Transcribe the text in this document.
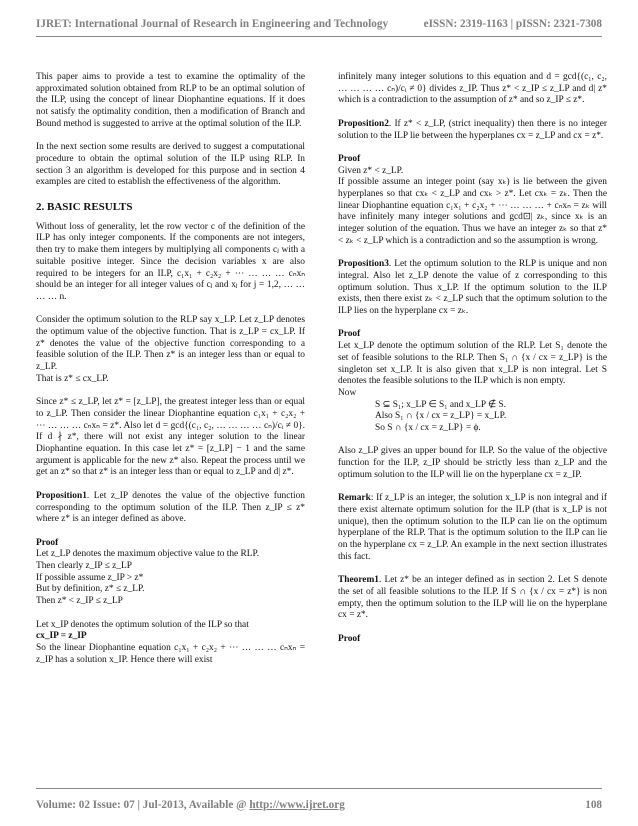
IJRET: International Journal of Research in Engineering and Technology	eISSN: 2319-1163 | pISSN: 2321-7308

This paper aims to provide a test to examine the optimality of the approximated solution obtained from RLP to be an optimal solution of the ILP, using the concept of linear Diophantine equations. If it does not satisfy the optimality condition, then a modification of Branch and Bound method is suggested to arrive at the optimal solution of the ILP.

In the next section some results are derived to suggest a computational procedure to obtain the optimal solution of the ILP using RLP. In section 3 an algorithm is developed for this purpose and in section 4 examples are cited to establish the effectiveness of the algorithm.

2. BASIC RESULTS

Without loss of generality, let the row vector c of the definition of the ILP has only integer components. If the components are not integers, then try to make them integers by multiplying all components cⱼ with a suitable positive integer. Since the decision variables x are also required to be integers for an ILP, c₁x₁ + c₂x₂ + ⋯ … … … cₙxₙ should be an integer for all integer values of cⱼ and xⱼ for j = 1,2, … … … … n.

Consider the optimum solution to the RLP say x_LP. Let z_LP denotes the optimum value of the objective function. That is z_LP = cx_LP. If z* denotes the value of the objective function corresponding to a feasible solution of the ILP. Then z* is an integer less than or equal to z_LP.

That is z* ≤ cx_LP.

Since z* ≤ z_LP, let z* = [z_LP], the greatest integer less than or equal to z_LP. Then consider the linear Diophantine equation c₁x₁ + c₂x₂ + ⋯ … … … cₙxₙ = z*. Also let d = gcd{(c₁, c₂, … … … … cₙ)/cᵢ ≠ 0}. If d ∤ z*, there will not exist any integer solution to the linear Diophantine equation. In this case let z* = [z_LP] − 1 and the same argument is applicable for the new z* also. Repeat the process until we get an z* so that z* is an integer less than or equal to z_LP and d| z*.

Proposition1. Let z_IP denotes the value of the objective function corresponding to the optimum solution of the ILP. Then z_IP ≤ z* where z* is an integer defined as above.

Proof

Let z_LP denotes the maximum objective value to the RLP.

Then clearly z_IP ≤ z_LP

If possible assume z_IP > z*

But by definition, z* ≤ z_LP.

Then z* < z_IP ≤ z_LP

Let x_IP denotes the optimum solution of the ILP so that

cx_IP = z_IP

So the linear Diophantine equation c₁x₁ + c₂x₂ + ⋯ … … … cₙxₙ = z_IP has a solution x_IP. Hence there will exist

infinitely many integer solutions to this equation and d = gcd{(c₁, c₂, … … … … cₙ)/cᵢ ≠ 0} divides z_IP. Thus z* < z_IP ≤ z_LP and d| z* which is a contradiction to the assumption of z* and so z_IP ≤ z*.

Proposition2. If z* < z_LP, (strict inequality) then there is no integer solution to the ILP lie between the hyperplanes cx = z_LP and cx = z*.

Proof

Given z* < z_LP.

If possible assume an integer point (say xₖ) is lie between the given hyperplanes so that cxₖ < z_LP and cxₖ > z*. Let cxₖ = zₖ. Then the linear Diophantine equation c₁x₁ + c₂x₂ + ⋯ … … … + cₙxₙ = zₖ will have infinitely many integer solutions and gcd⊡| zₖ, since xₖ is an integer solution of the equation. Thus we have an integer zₖ so that z* < zₖ < z_LP which is a contradiction and so the assumption is wrong.

Proposition3. Let the optimum solution to the RLP is unique and non integral. Also let z_LP denote the value of z corresponding to this optimum solution. Thus x_LP. If the optimum solution to the ILP exists, then there exist zₖ < z_LP such that the optimum solution to the ILP lies on the hyperplane cx = zₖ.

Proof

Let x_LP denote the optimum solution of the RLP. Let S₁ denote the set of feasible solutions to the RLP. Then S₁ ∩ {x / cx = z_LP} is the singleton set x_LP. It is also given that x_LP is non integral. Let S denotes the feasible solutions to the ILP which is non empty.

Now

S ⊆ S₁; x_LP ∈ S₁ and x_LP ∉ S.

Also S₁ ∩ {x / cx = z_LP} = x_LP.

So S ∩ {x / cx = z_LP} = ϕ.

Also z_LP gives an upper bound for ILP. So the value of the objective function for the ILP, z_IP should be strictly less than z_LP and the optimum solution to the ILP will lie on the hyperplane cx = z_IP.

Remark: If z_LP is an integer, the solution x_LP is non integral and if there exist alternate optimum solution for the ILP (that is x_LP is not unique), then the optimum solution to the ILP can lie on the optimum hyperplane of the RLP. That is the optimum solution to the ILP can lie on the hyperplane cx = z_LP. An example in the next section illustrates this fact.

Theorem1. Let z* be an integer defined as in section 2. Let S denote the set of all feasible solutions to the ILP. If S ∩ {x / cx = z*} is non empty, then the optimum solution to the ILP will lie on the hyperplane cx = z*.

Proof

Volume: 02 Issue: 07 | Jul-2013, Available @ http://www.ijret.org	108
